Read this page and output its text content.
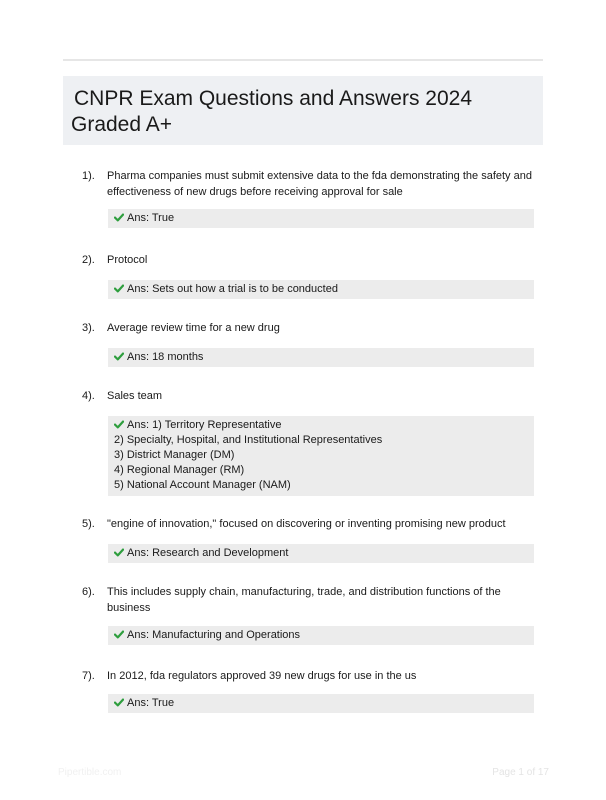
CNPR Exam Questions and Answers 2024
Graded A+
1). Pharma companies must submit extensive data to the fda demonstrating the safety and effectiveness of new drugs before receiving approval for sale
Ans: True
2). Protocol
Ans: Sets out how a trial is to be conducted
3). Average review time for a new drug
Ans: 18 months
4). Sales team
Ans: 1) Territory Representative
2) Specialty, Hospital, and Institutional Representatives
3) District Manager (DM)
4) Regional Manager (RM)
5) National Account Manager (NAM)
5). "engine of innovation," focused on discovering or inventing promising new product
Ans: Research and Development
6). This includes supply chain, manufacturing, trade, and distribution functions of the business
Ans: Manufacturing and Operations
7). In 2012, fda regulators approved 39 new drugs for use in the us
Ans: True
Pipertible.com	Page 1 of 17
